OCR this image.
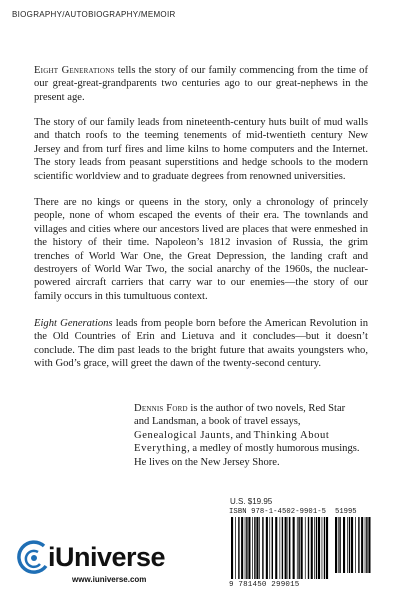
BIOGRAPHY/AUTOBIOGRAPHY/MEMOIR

Eight Generations tells the story of our family commencing from the time of our great-great-grandparents two centuries ago to our great-nephews in the present age.

The story of our family leads from nineteenth-century huts built of mud walls and thatch roofs to the teeming tenements of mid-twentieth century New Jersey and from turf fires and lime kilns to home computers and the Internet. The story leads from peasant superstitions and hedge schools to the modern scientific worldview and to graduate degrees from renowned universities.

There are no kings or queens in the story, only a chronology of princely people, none of whom escaped the events of their era. The townlands and villages and cities where our ancestors lived are places that were enmeshed in the history of their time. Napoleon’s 1812 invasion of Russia, the grim trenches of World War One, the Great Depression, the landing craft and destroyers of World War Two, the social anarchy of the 1960s, the nuclear-powered aircraft carriers that carry war to our enemies—the story of our family occurs in this tumultuous context.

Eight Generations leads from people born before the American Revolution in the Old Countries of Erin and Lietuva and it concludes—but it doesn’t conclude. The dim past leads to the bright future that awaits youngsters who, with God’s grace, will greet the dawn of the twenty-second century.

Dennis Ford is the author of two novels, Red Star and Landsman, a book of travel essays, Genealogical Jaunts, and Thinking About Everything, a medley of mostly humorous musings. He lives on the New Jersey Shore.

U.S. $19.95
ISBN 978-1-4502-9901-5	51995
9 781450 299015
iUniverse
www.iuniverse.com
